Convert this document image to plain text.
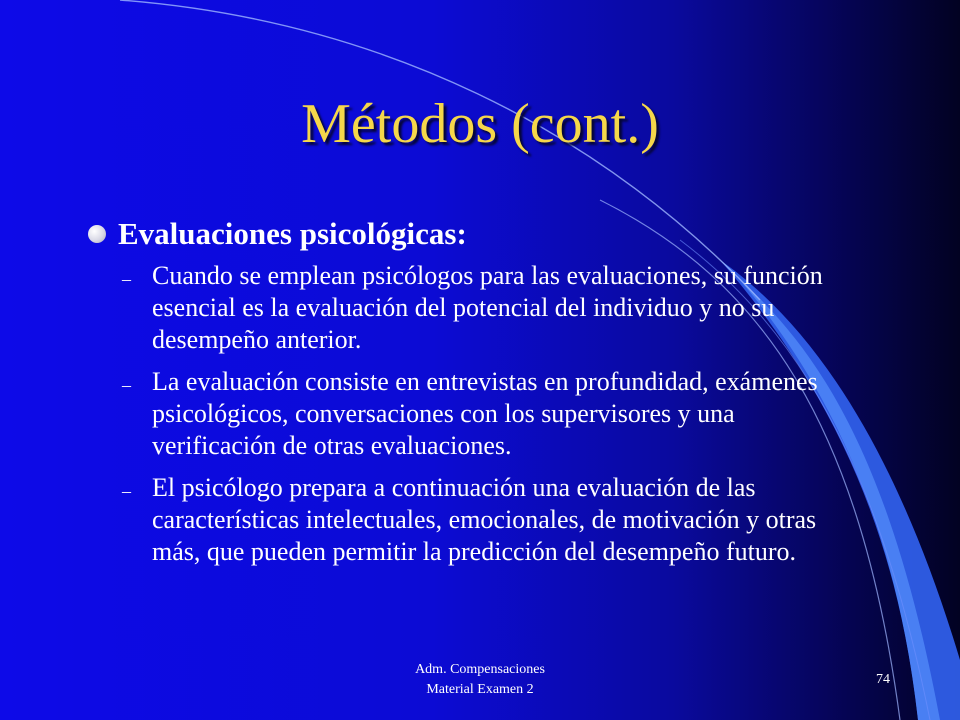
Métodos (cont.)
Evaluaciones psicológicas:
– Cuando se emplean psicólogos para las evaluaciones, su función esencial es la evaluación del potencial del individuo y no su desempeño anterior.
– La evaluación consiste en entrevistas en profundidad, exámenes psicológicos, conversaciones con los supervisores y una verificación de otras evaluaciones.
– El psicólogo prepara a continuación una evaluación de las características intelectuales, emocionales, de motivación y otras más, que pueden permitir la predicción del desempeño futuro.
Adm. Compensaciones
Material Examen 2
74
